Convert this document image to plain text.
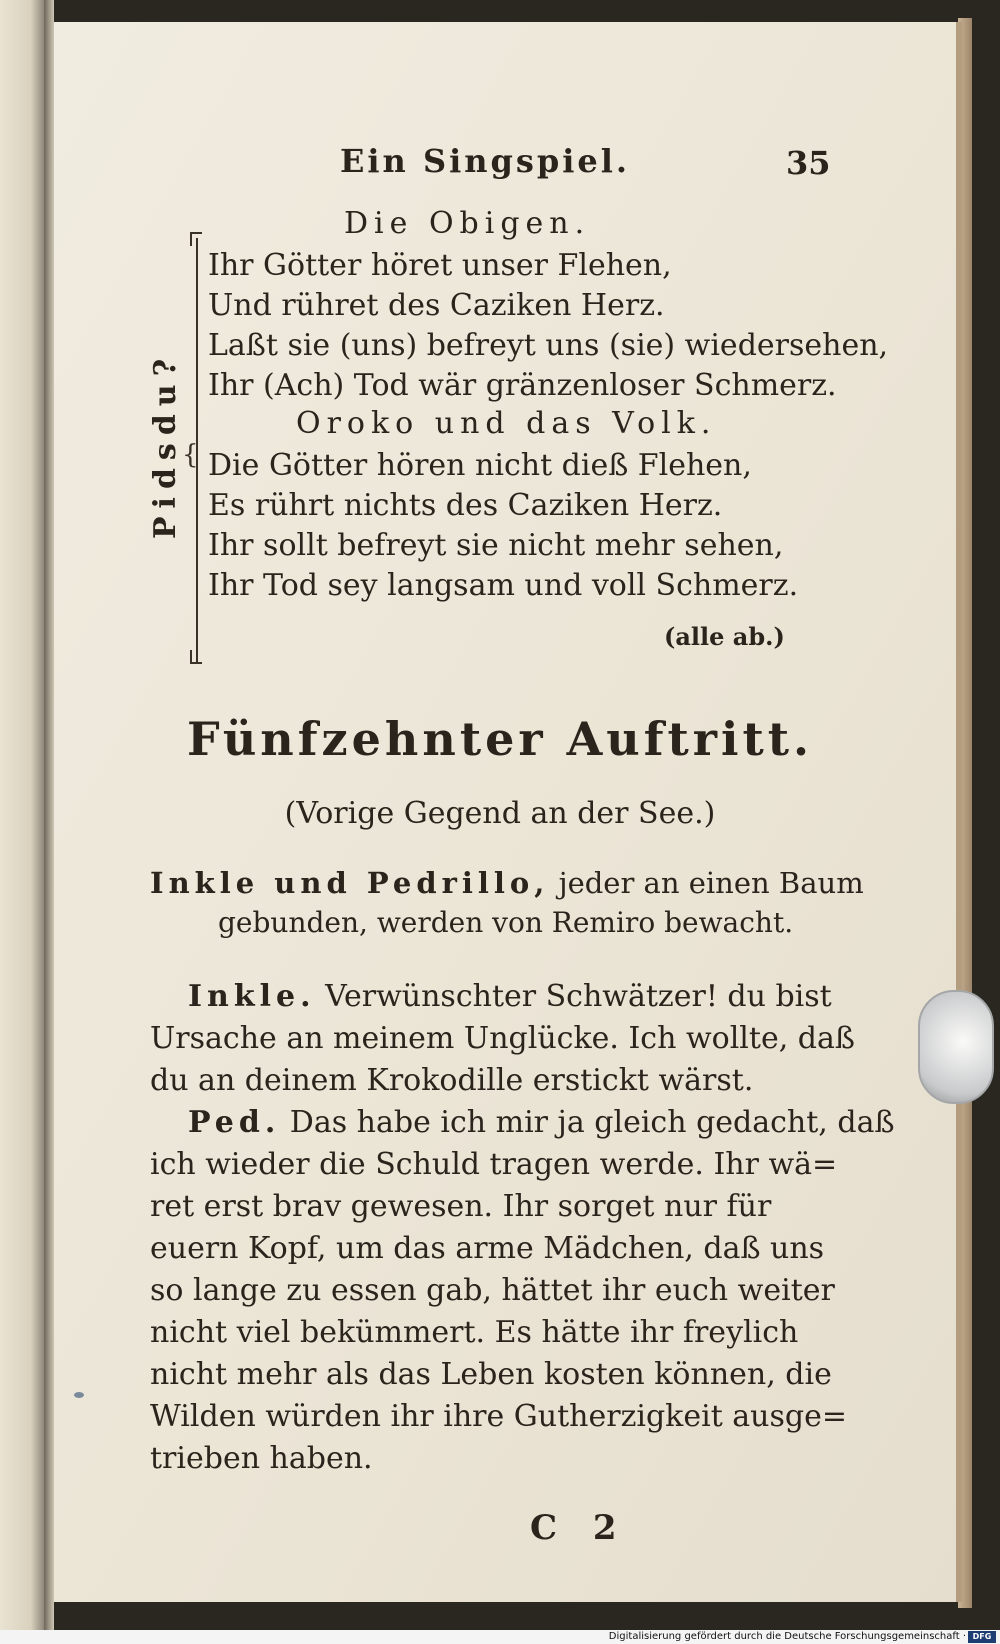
Ein Singspiel.	35
Pidsdu? {
Die Obigen.
Ihr Götter höret unser Flehen,
Und rühret des Caziken Herz.
Laßt sie (uns) befreyt uns (sie) wiedersehen,
Ihr (Ach) Tod wär gränzenloser Schmerz.
Oroko und das Volk.
Die Götter hören nicht dieß Flehen,
Es rührt nichts des Caziken Herz.
Ihr sollt befreyt sie nicht mehr sehen,
Ihr Tod sey langsam und voll Schmerz.
(alle ab.)
Fünfzehnter Auftritt.
(Vorige Gegend an der See.)
Inkle und Pedrillo, jeder an einen Baum
gebunden, werden von Remiro bewacht.
Inkle. Verwünschter Schwätzer! du bist
Ursache an meinem Unglücke. Ich wollte, daß
du an deinem Krokodille erstickt wärst.
Ped. Das habe ich mir ja gleich gedacht, daß
ich wieder die Schuld tragen werde. Ihr wä=
ret erst brav gewesen. Ihr sorget nur für
euern Kopf, um das arme Mädchen, daß uns
so lange zu essen gab, hättet ihr euch weiter
nicht viel bekümmert. Es hätte ihr freylich
nicht mehr als das Leben kosten können, die
Wilden würden ihr ihre Gutherzigkeit ausge=
trieben haben.
C 2
Digitalisierung gefördert durch die Deutsche Forschungsgemeinschaft · DFG
